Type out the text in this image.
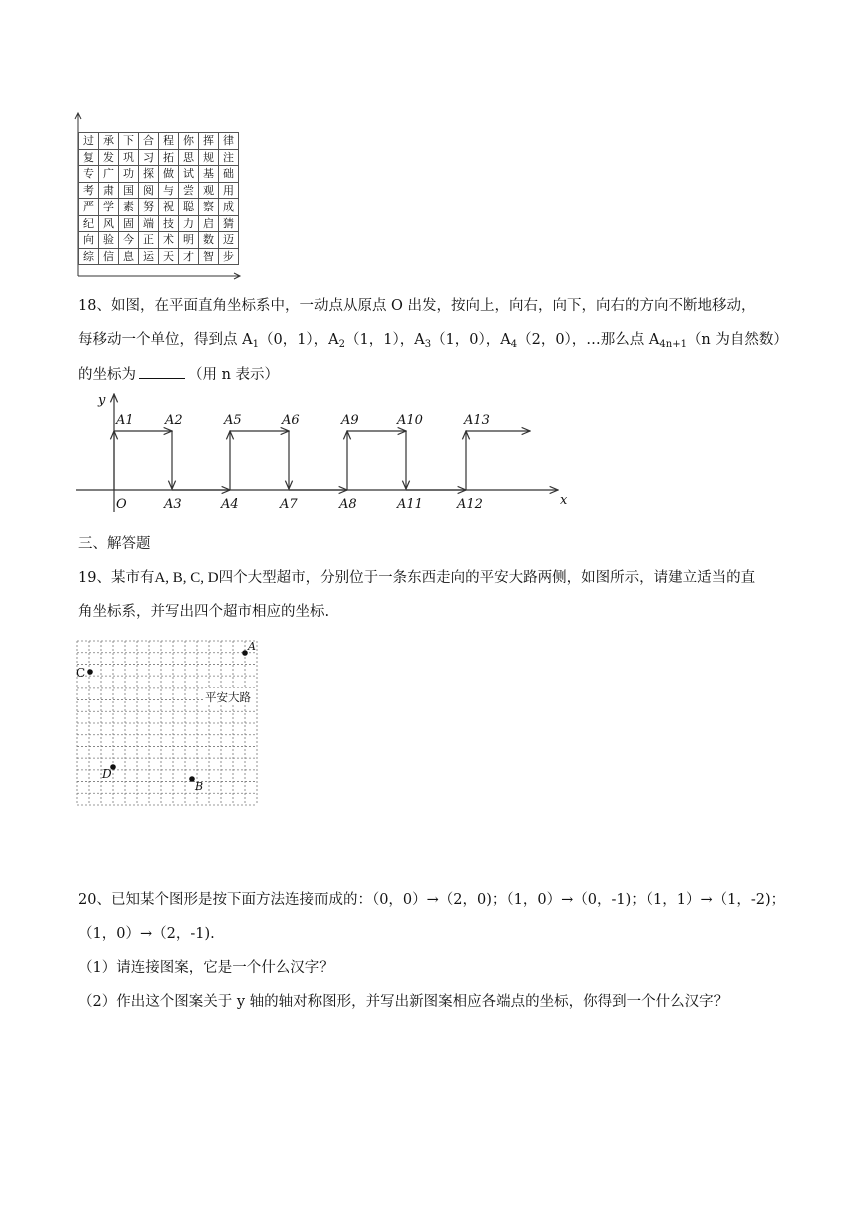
过	承	下	合	程	你	挥	律
复	发	巩	习	拓	思	规	注
专	广	功	探	做	试	基	础
考	肃	国	阅	与	尝	观	用
严	学	素	努	祝	聪	察	成
纪	风	固	端	技	力	启	猜
向	验	今	正	术	明	数	迈
综	信	息	运	天	才	智	步
18、如图，在平面直角坐标系中，一动点从原点 O 出发，按向上，向右，向下，向右的方向不断地移动，
每移动一个单位，得到点 $A_1(0$，1），$A_2(1$，1），$A_3(1$，0），$A_4(2$，0），…那么点 $A_{4n+1}(n$ 为自然数）
的坐标为	（用 n 表示）
y
x
O
A1 A2	A5	A6	A9	A10	A13
A3	A4	A7	A8	A11	A12
三、解答题
19、某市有A, B, C, D四个大型超市，分别位于一条东西走向的平安大路两侧，如图所示，请建立适当的直
角坐标系，并写出四个超市相应的坐标.
A
C
平安大路
D
B
20、已知某个图形是按下面方法连接而成的：（0，0）→（2，0)；（1，0）→（0，-1)；（1，1）→（1，-2)；
（1，0）→（2，-1).
（1）请连接图案，它是一个什么汉字？
（2）作出这个图案关于 y 轴的轴对称图形，并写出新图案相应各端点的坐标，你得到一个什么汉字？
